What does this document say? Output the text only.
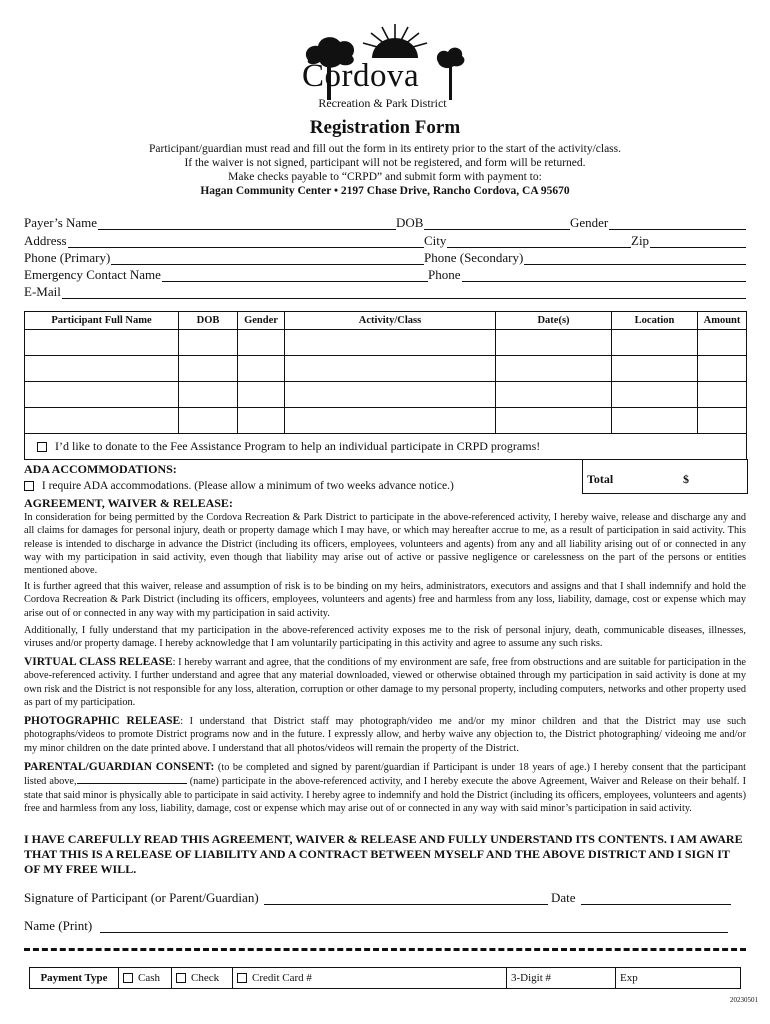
Cordova
Recreation & Park District
Registration Form
Participant/guardian must read and fill out the form in its entirety prior to the start of the activity/class.
If the waiver is not signed, participant will not be registered, and form will be returned.
Make checks payable to “CRPD” and submit form with payment to:
Hagan Community Center • 2197 Chase Drive, Rancho Cordova, CA 95670
Payer’s Name	DOB	Gender
Address	City	Zip
Phone (Primary)	Phone (Secondary)
Emergency Contact Name	Phone
E-Mail
Participant Full Name	DOB	Gender	Activity/Class	Date(s)	Location	Amount

I’d like to donate to the Fee Assistance Program to help an individual participate in CRPD programs!
ADA ACCOMMODATIONS:
I require ADA accommodations. (Please allow a minimum of two weeks advance notice.)	Total	$
AGREEMENT, WAIVER & RELEASE:
In consideration for being permitted by the Cordova Recreation & Park District to participate in the above-referenced activity, I hereby waive, release and discharge any and all claims for damages for personal injury, death or property damage which I may have, or which may hereafter accrue to me, as a result of participation in said activity. This release is intended to discharge in advance the District (including its officers, employees, volunteers and agents) from any and all liability arising out of or connected in any way with my participation in said activity, even though that liability may arise out of active or passive negligence or carelessness on the part of the persons or entities mentioned above.
It is further agreed that this waiver, release and assumption of risk is to be binding on my heirs, administrators, executors and assigns and that I shall indemnify and hold the Cordova Recreation & Park District (including its officers, employees, volunteers and agents) free and harmless from any loss, liability, damage, cost or expense which may arise out of or connected in any way with my participation in said activity.
Additionally, I fully understand that my participation in the above-referenced activity exposes me to the risk of personal injury, death, communicable diseases, illnesses, viruses and/or property damage. I hereby acknowledge that I am voluntarily participating in this activity and agree to assume any such risks.
VIRTUAL CLASS RELEASE: I hereby warrant and agree, that the conditions of my environment are safe, free from obstructions and are suitable for participation in the above-referenced activity. I further understand and agree that any material downloaded, viewed or otherwise obtained through my participation in said activity is done at my own risk and the District is not responsible for any loss, alteration, corruption or other damage to my personal property, including computers, networks and other property used as part of my participation.
PHOTOGRAPHIC RELEASE: I understand that District staff may photograph/video me and/or my minor children and that the District may use such photographs/videos to promote District programs now and in the future. I expressly allow, and herby waive any objection to, the District photographing/ videoing me and/or my minor children on the date printed above. I understand that all photos/videos will remain the property of the District.
PARENTAL/GUARDIAN CONSENT: (to be completed and signed by parent/guardian if Participant is under 18 years of age.) I hereby consent that the participant listed above,	(name) participate in the above-referenced activity, and I hereby execute the above Agreement, Waiver and Release on their behalf. I state that said minor is physically able to participate in said activity. I hereby agree to indemnify and hold the District (including its officers, employees, volunteers and agents) free and harmless from any loss, liability, damage, cost or expense which may arise out of or connected in any way with said minor’s participation in said activity.
I HAVE CAREFULLY READ THIS AGREEMENT, WAIVER & RELEASE AND FULLY UNDERSTAND ITS CONTENTS. I AM AWARE THAT THIS IS A RELEASE OF LIABILITY AND A CONTRACT BETWEEN MYSELF AND THE ABOVE DISTRICT AND I SIGN IT OF MY FREE WILL.
Signature of Participant (or Parent/Guardian)	Date
Name (Print)
Payment Type	Cash	Check	Credit Card #	3-Digit #	Exp
20230501
